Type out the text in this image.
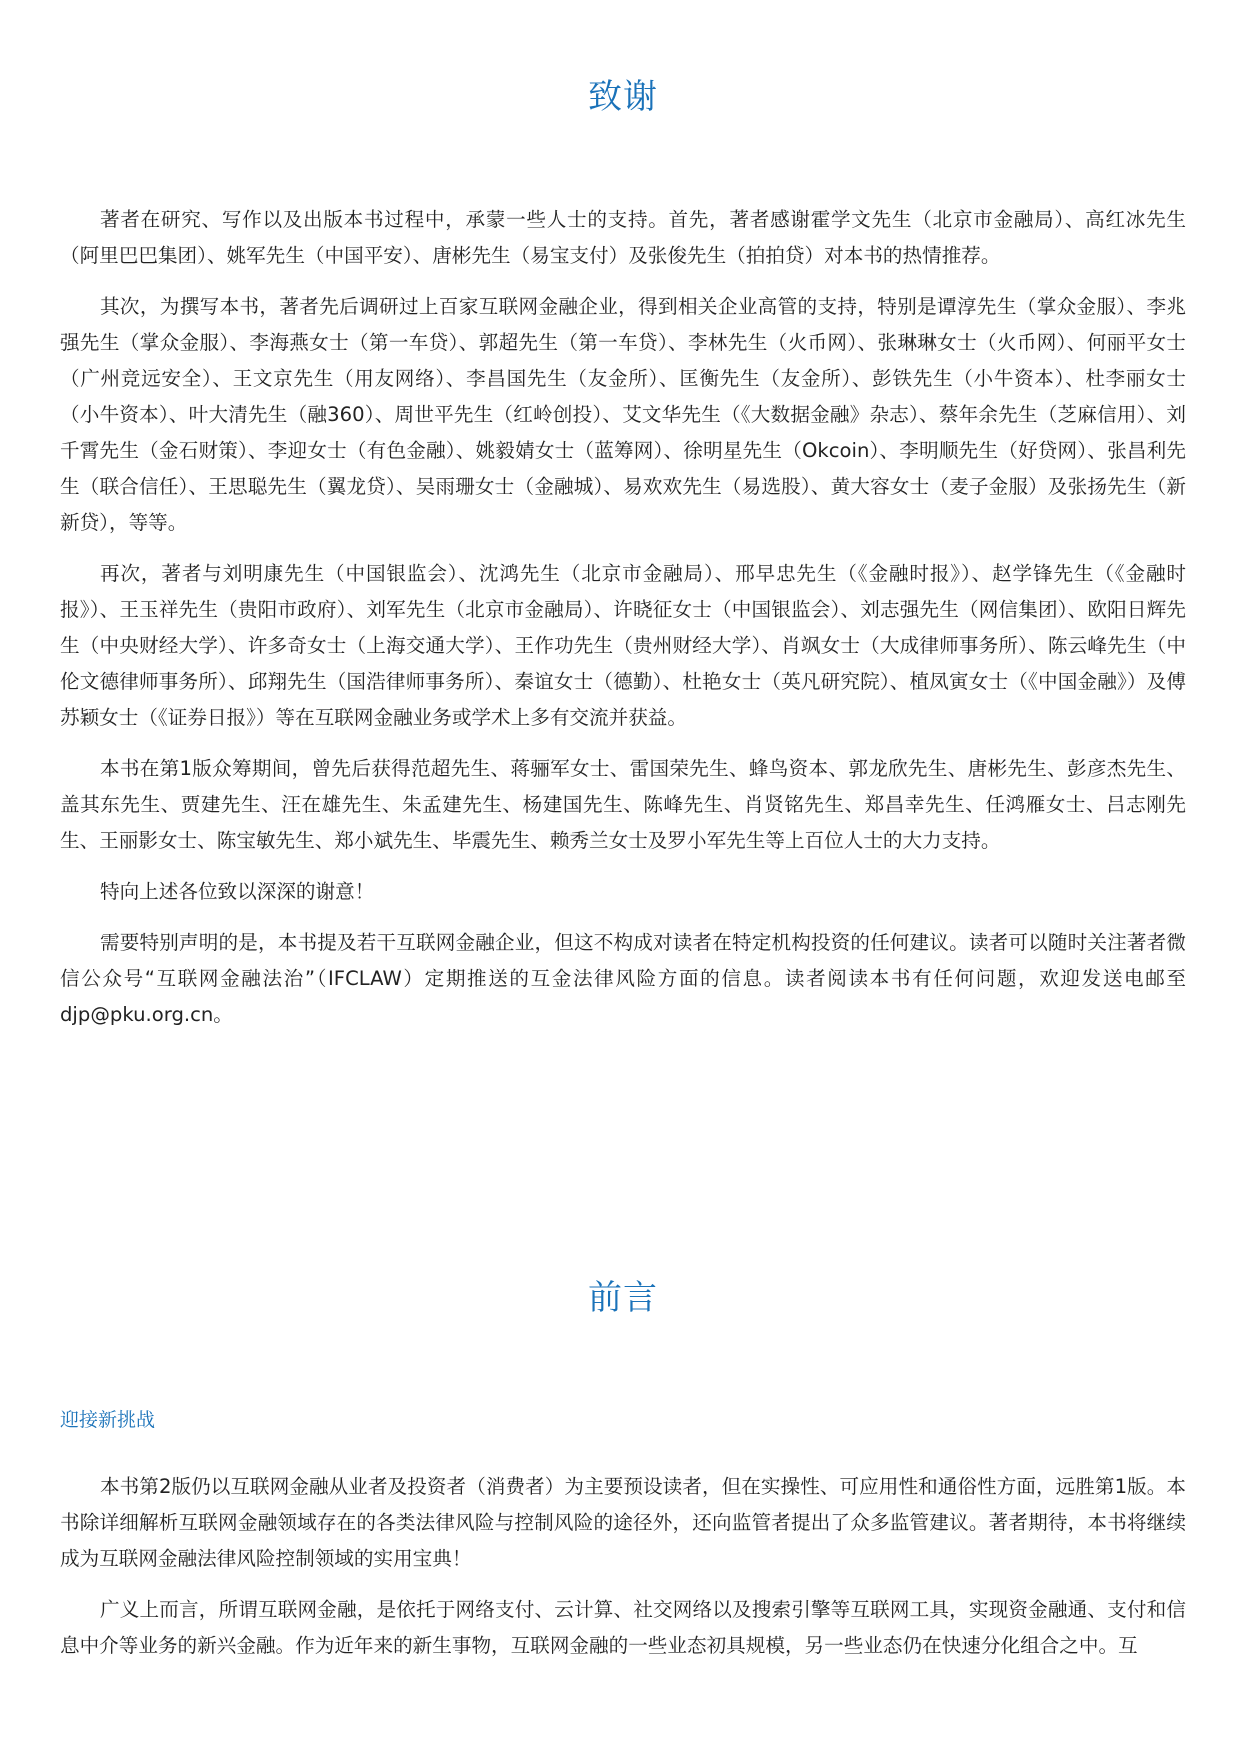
致谢

著者在研究、写作以及出版本书过程中，承蒙一些人士的支持。首先，著者感谢霍学文先生（北京市金融局）、高红冰先生（阿里巴巴集团）、姚军先生（中国平安）、唐彬先生（易宝支付）及张俊先生（拍拍贷）对本书的热情推荐。

其次，为撰写本书，著者先后调研过上百家互联网金融企业，得到相关企业高管的支持，特别是谭淳先生（掌众金服）、李兆强先生（掌众金服）、李海燕女士（第一车贷）、郭超先生（第一车贷）、李林先生（火币网）、张琳琳女士（火币网）、何丽平女士（广州竞远安全）、王文京先生（用友网络）、李昌国先生（友金所）、匡衡先生（友金所）、彭铁先生（小牛资本）、杜李丽女士（小牛资本）、叶大清先生（融360）、周世平先生（红岭创投）、艾文华先生（《大数据金融》杂志）、蔡年余先生（芝麻信用）、刘千霄先生（金石财策）、李迎女士（有色金融）、姚毅婧女士（蓝筹网）、徐明星先生（Okcoin）、李明顺先生（好贷网）、张昌利先生（联合信任）、王思聪先生（翼龙贷）、吴雨珊女士（金融城）、易欢欢先生（易选股）、黄大容女士（麦子金服）及张扬先生（新新贷），等等。

再次，著者与刘明康先生（中国银监会）、沈鸿先生（北京市金融局）、邢早忠先生（《金融时报》）、赵学锋先生（《金融时报》）、王玉祥先生（贵阳市政府）、刘军先生（北京市金融局）、许晓征女士（中国银监会）、刘志强先生（网信集团）、欧阳日辉先生（中央财经大学）、许多奇女士（上海交通大学）、王作功先生（贵州财经大学）、肖飒女士（大成律师事务所）、陈云峰先生（中伦文德律师事务所）、邱翔先生（国浩律师事务所）、秦谊女士（德勤）、杜艳女士（英凡研究院）、植凤寅女士（《中国金融》）及傅苏颖女士（《证券日报》）等在互联网金融业务或学术上多有交流并获益。

本书在第1版众筹期间，曾先后获得范超先生、蒋骊军女士、雷国荣先生、蜂鸟资本、郭龙欣先生、唐彬先生、彭彦杰先生、盖其东先生、贾建先生、汪在雄先生、朱孟建先生、杨建国先生、陈峰先生、肖贤铭先生、郑昌幸先生、任鸿雁女士、吕志刚先生、王丽影女士、陈宝敏先生、郑小斌先生、毕震先生、赖秀兰女士及罗小军先生等上百位人士的大力支持。

特向上述各位致以深深的谢意！

需要特别声明的是，本书提及若干互联网金融企业，但这不构成对读者在特定机构投资的任何建议。读者可以随时关注著者微信公众号“互联网金融法治”（IFCLAW）定期推送的互金法律风险方面的信息。读者阅读本书有任何问题，欢迎发送电邮至djp@pku.org.cn。

前言
迎接新挑战

本书第2版仍以互联网金融从业者及投资者（消费者）为主要预设读者，但在实操性、可应用性和通俗性方面，远胜第1版。本书除详细解析互联网金融领域存在的各类法律风险与控制风险的途径外，还向监管者提出了众多监管建议。著者期待，本书将继续成为互联网金融法律风险控制领域的实用宝典！

广义上而言，所谓互联网金融，是依托于网络支付、云计算、社交网络以及搜索引擎等互联网工具，实现资金融通、支付和信息中介等业务的新兴金融。作为近年来的新生事物，互联网金融的一些业态初具规模，另一些业态仍在快速分化组合之中。互
